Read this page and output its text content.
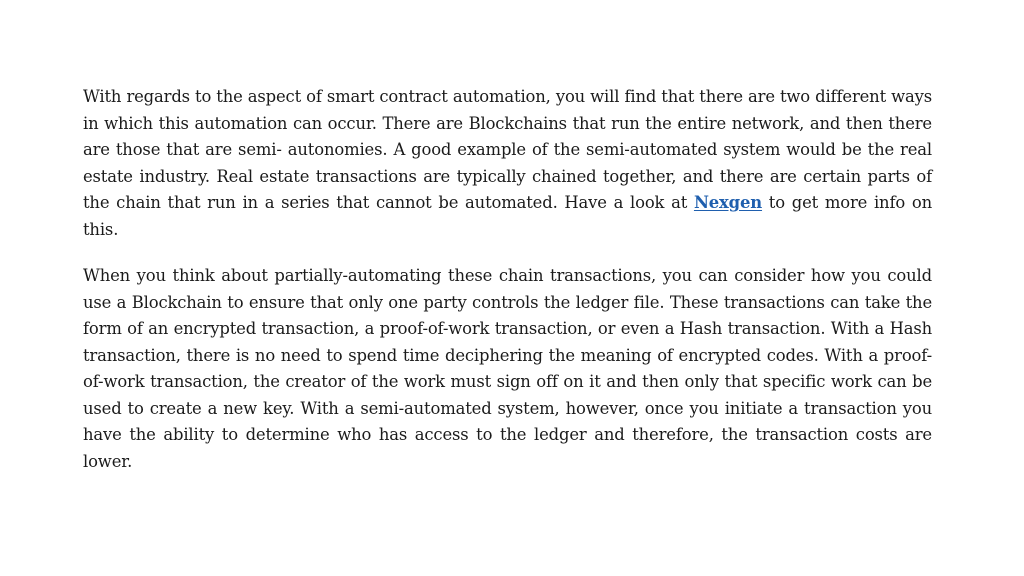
With regards to the aspect of smart contract automation, you will find that there are two different ways in which this automation can occur. There are Blockchains that run the entire network, and then there are those that are semi- autonomies. A good example of the semi-automated system would be the real estate industry. Real estate transactions are typically chained together, and there are certain parts of the chain that run in a series that cannot be automated. Have a look at Nexgen to get more info on this.

When you think about partially-automating these chain transactions, you can consider how you could use a Blockchain to ensure that only one party controls the ledger file. These transactions can take the form of an encrypted transaction, a proof-of-work transaction, or even a Hash transaction. With a Hash transaction, there is no need to spend time deciphering the meaning of encrypted codes. With a proof-of-work transaction, the creator of the work must sign off on it and then only that specific work can be used to create a new key. With a semi-automated system, however, once you initiate a transaction you have the ability to determine who has access to the ledger and therefore, the transaction costs are lower.
